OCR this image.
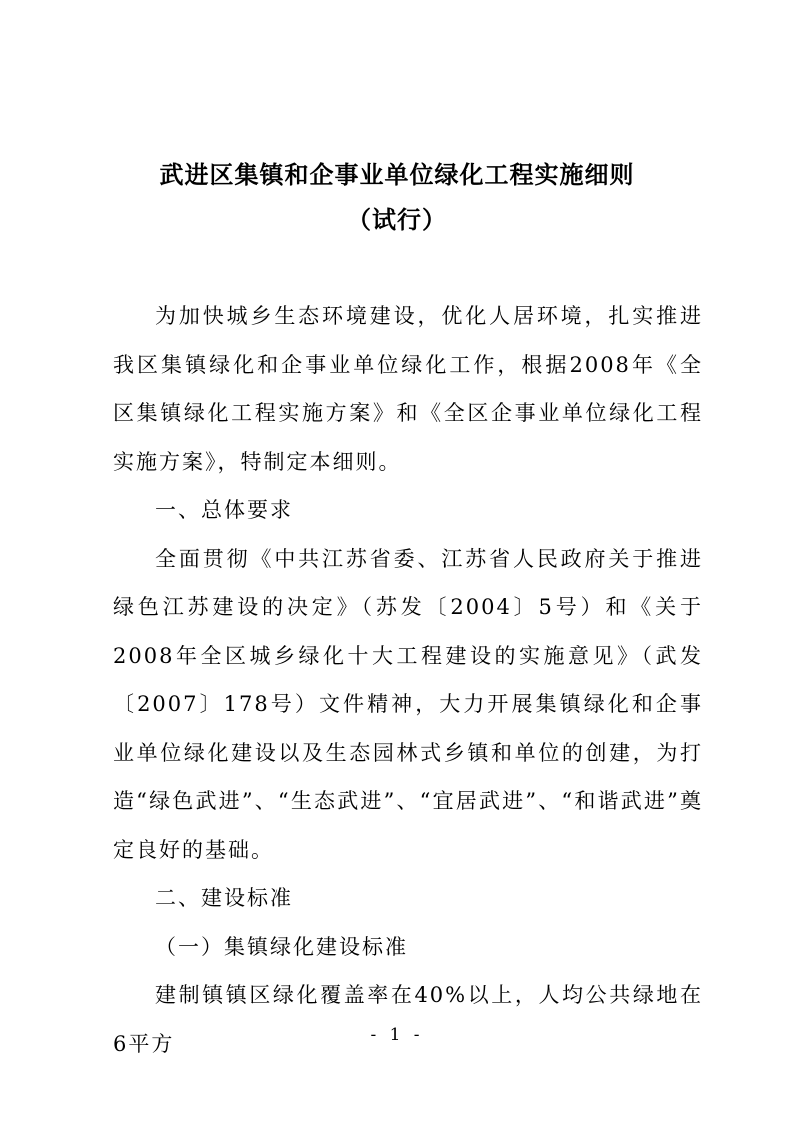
武进区集镇和企事业单位绿化工程实施细则
（试行）

为加快城乡生态环境建设，优化人居环境，扎实推进我区集镇绿化和企事业单位绿化工作，根据2008年《全区集镇绿化工程实施方案》和《全区企事业单位绿化工程实施方案》，特制定本细则。

一、总体要求

全面贯彻《中共江苏省委、江苏省人民政府关于推进绿色江苏建设的决定》（苏发〔2004〕5号）和《关于2008年全区城乡绿化十大工程建设的实施意见》（武发〔2007〕178号）文件精神，大力开展集镇绿化和企事业单位绿化建设以及生态园林式乡镇和单位的创建，为打造“绿色武进”、“生态武进”、“宜居武进”、“和谐武进”奠定良好的基础。

二、建设标准

（一）集镇绿化建设标准

建制镇镇区绿化覆盖率在40%以上，人均公共绿地在6平方	- 1 -
